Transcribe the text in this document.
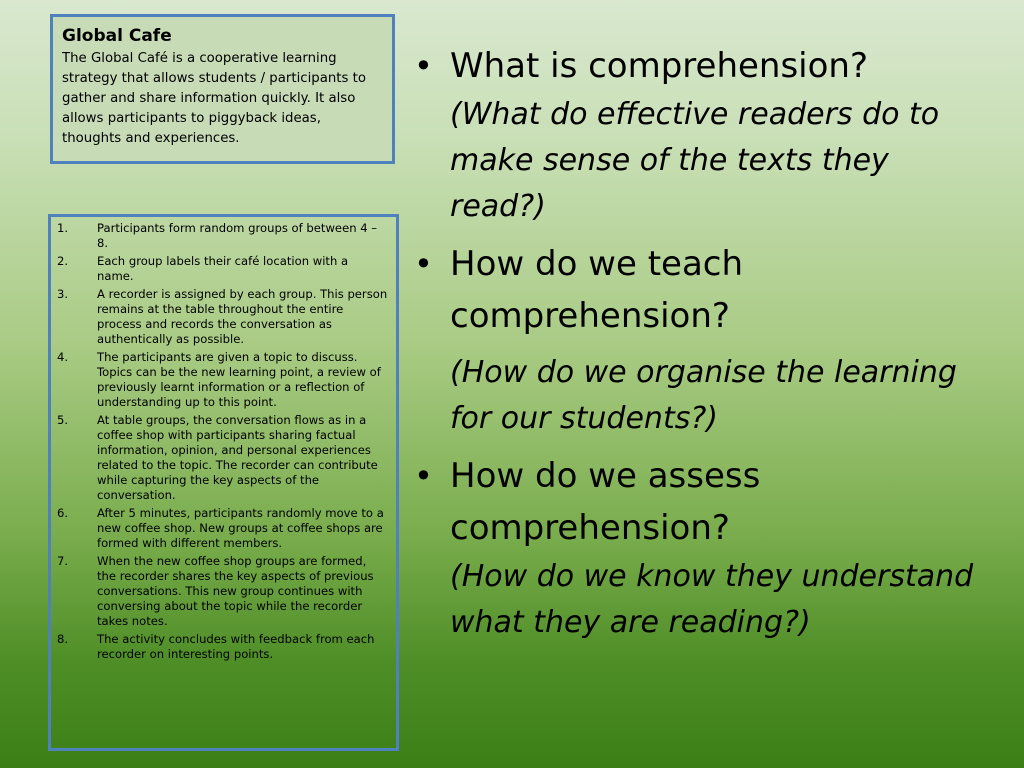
Global Cafe

The Global Café is a cooperative learning strategy that allows students / participants to gather and share information quickly. It also allows participants to piggyback ideas, thoughts and experiences.

1.	Participants form random groups of between 4 – 8.
2.	Each group labels their café location with a name.
3.	A recorder is assigned by each group. This person remains at the table throughout the entire process and records the conversation as authentically as possible.
4.	The participants are given a topic to discuss. Topics can be the new learning point, a review of previously learnt information or a reflection of understanding up to this point.
5.	At table groups, the conversation flows as in a coffee shop with participants sharing factual information, opinion, and personal experiences related to the topic. The recorder can contribute while capturing the key aspects of the conversation.
6.	After 5 minutes, participants randomly move to a new coffee shop. New groups at coffee shops are formed with different members.
7.	When the new coffee shop groups are formed, the recorder shares the key aspects of previous conversations. This new group continues with conversing about the topic while the recorder takes notes.
8.	The activity concludes with feedback from each recorder on interesting points.
• What is comprehension?
(What do effective readers do to make sense of the texts they read?)
• How do we teach comprehension?
(How do we organise the learning for our students?)
• How do we assess comprehension?
(How do we know they understand what they are reading?)
